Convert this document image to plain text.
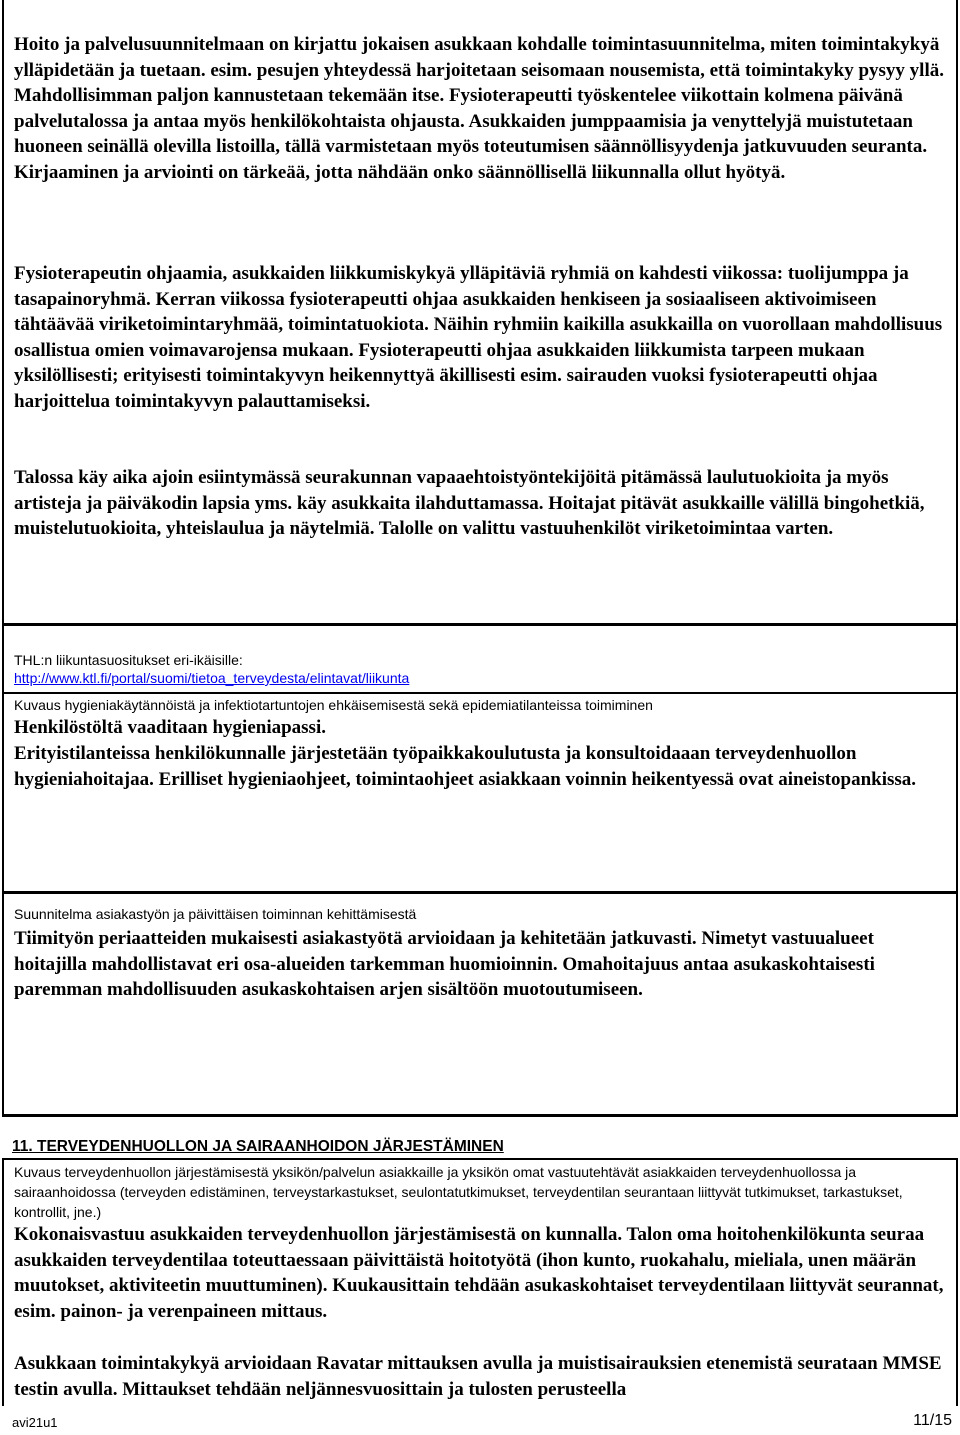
Hoito ja palvelusuunnitelmaan on kirjattu jokaisen asukkaan kohdalle toimintasuunnitelma, miten toimintakykyä ylläpidetään ja tuetaan. esim. pesujen yhteydessä harjoitetaan seisomaan nousemista, että toimintakyky pysyy yllä. Mahdollisimman paljon kannustetaan tekemään itse. Fysioterapeutti työskentelee viikottain kolmena päivänä palvelutalossa ja antaa myös henkilökohtaista ohjausta. Asukkaiden jumppaamisia ja venyttelyjä muistutetaan huoneen seinällä olevilla listoilla, tällä varmistetaan myös toteutumisen säännöllisyydenja jatkuvuuden seuranta. Kirjaaminen ja arviointi on tärkeää, jotta nähdään onko säännöllisellä liikunnalla ollut hyötyä.

Fysioterapeutin ohjaamia, asukkaiden liikkumiskykyä ylläpitäviä ryhmiä on kahdesti viikossa: tuolijumppa ja tasapainoryhmä. Kerran viikossa fysioterapeutti ohjaa asukkaiden henkiseen ja sosiaaliseen aktivoimiseen tähtäävää viriketoimintaryhmää, toimintatuokiota. Näihin ryhmiin kaikilla asukkailla on vuorollaan mahdollisuus osallistua omien voimavarojensa mukaan. Fysioterapeutti ohjaa asukkaiden liikkumista tarpeen mukaan yksilöllisesti; erityisesti toimintakyvyn heikennyttyä äkillisesti esim. sairauden vuoksi fysioterapeutti ohjaa harjoittelua toimintakyvyn palauttamiseksi.

Talossa käy aika ajoin esiintymässä seurakunnan vapaaehtoistyöntekijöitä pitämässä laulutuokioita ja myös artisteja ja päiväkodin lapsia yms. käy asukkaita ilahduttamassa. Hoitajat pitävät asukkaille välillä bingohetkiä, muistelutuokioita, yhteislaulua ja näytelmiä. Talolle on valittu vastuuhenkilöt viriketoimintaa varten.

THL:n liikuntasuositukset eri-ikäisille:
http://www.ktl.fi/portal/suomi/tietoa_terveydesta/elintavat/liikunta
Kuvaus hygieniakäytännöistä ja infektiotartuntojen ehkäisemisestä sekä epidemiatilanteissa toimiminen

Henkilöstöltä vaaditaan hygieniapassi.

Erityistilanteissa henkilökunnalle järjestetään työpaikkakoulutusta ja konsultoidaaan terveydenhuollon hygieniahoitajaa. Erilliset hygieniaohjeet, toimintaohjeet asiakkaan voinnin heikentyessä ovat aineistopankissa.

Suunnitelma asiakastyön ja päivittäisen toiminnan kehittämisestä

Tiimityön periaatteiden mukaisesti asiakastyötä arvioidaan ja kehitetään jatkuvasti. Nimetyt vastuualueet hoitajilla mahdollistavat eri osa-alueiden tarkemman huomioinnin. Omahoitajuus antaa asukaskohtaisesti paremman mahdollisuuden asukaskohtaisen arjen sisältöön muotoutumiseen.

11. TERVEYDENHUOLLON JA SAIRAANHOIDON JÄRJESTÄMINEN
Kuvaus terveydenhuollon järjestämisestä yksikön/palvelun asiakkaille ja yksikön omat vastuutehtävät asiakkaiden terveydenhuollossa ja sairaanhoidossa (terveyden edistäminen, terveystarkastukset, seulontatutkimukset, terveydentilan seurantaan liittyvät tutkimukset, tarkastukset, kontrollit, jne.)

Kokonaisvastuu asukkaiden terveydenhuollon järjestämisestä on kunnalla. Talon oma hoitohenkilökunta seuraa asukkaiden terveydentilaa toteuttaessaan päivittäistä hoitotyötä (ihon kunto, ruokahalu, mieliala, unen määrän muutokset, aktiviteetin muuttuminen). Kuukausittain tehdään asukaskohtaiset terveydentilaan liittyvät seurannat, esim. painon- ja verenpaineen mittaus.

Asukkaan toimintakykyä arvioidaan Ravatar mittauksen avulla ja muistisairauksien etenemistä seurataan MMSE testin avulla. Mittaukset tehdään neljännesvuosittain ja tulosten perusteella

avi21u1	11/15
